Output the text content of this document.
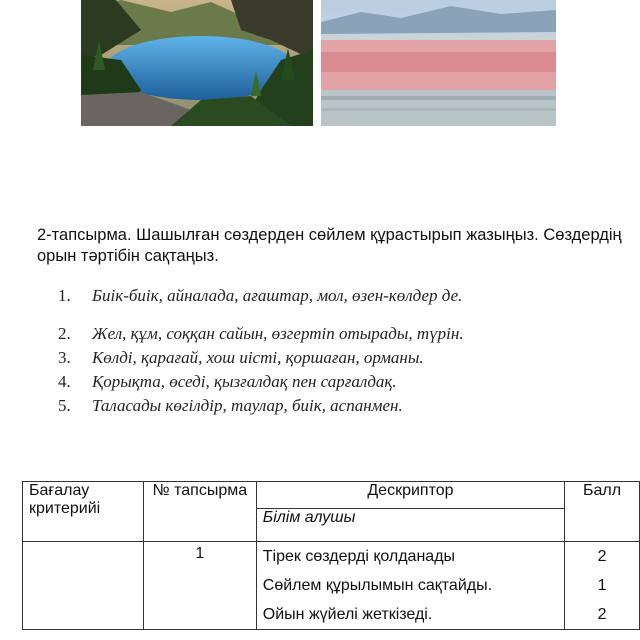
2-тапсырма. Шашылған сөздерден сөйлем құрастырып жазыңыз. Сөздердің орын тәртібін сақтаңыз.
1. Биік-биік, айналада, ағаштар, мол, өзен-көлдер де.
2. Жел, құм, соққан сайын, өзгертіп отырады, түрін.
3. Көлді, қарағай, хош иісті, қоршаған, орманы.
4. Қорықта, өседі, қызғалдақ пен сарғалдақ.
5. Таласады көгілдір, таулар, биік, аспанмен.
Бағалау критерийі	№ тапсырма	Дескриптор	Балл
		Білім алушы	
	1	Тірек сөздерді қолданады	2
		Сөйлем құрылымын сақтайды.	1
		Ойын жүйелі жеткізеді.	2
